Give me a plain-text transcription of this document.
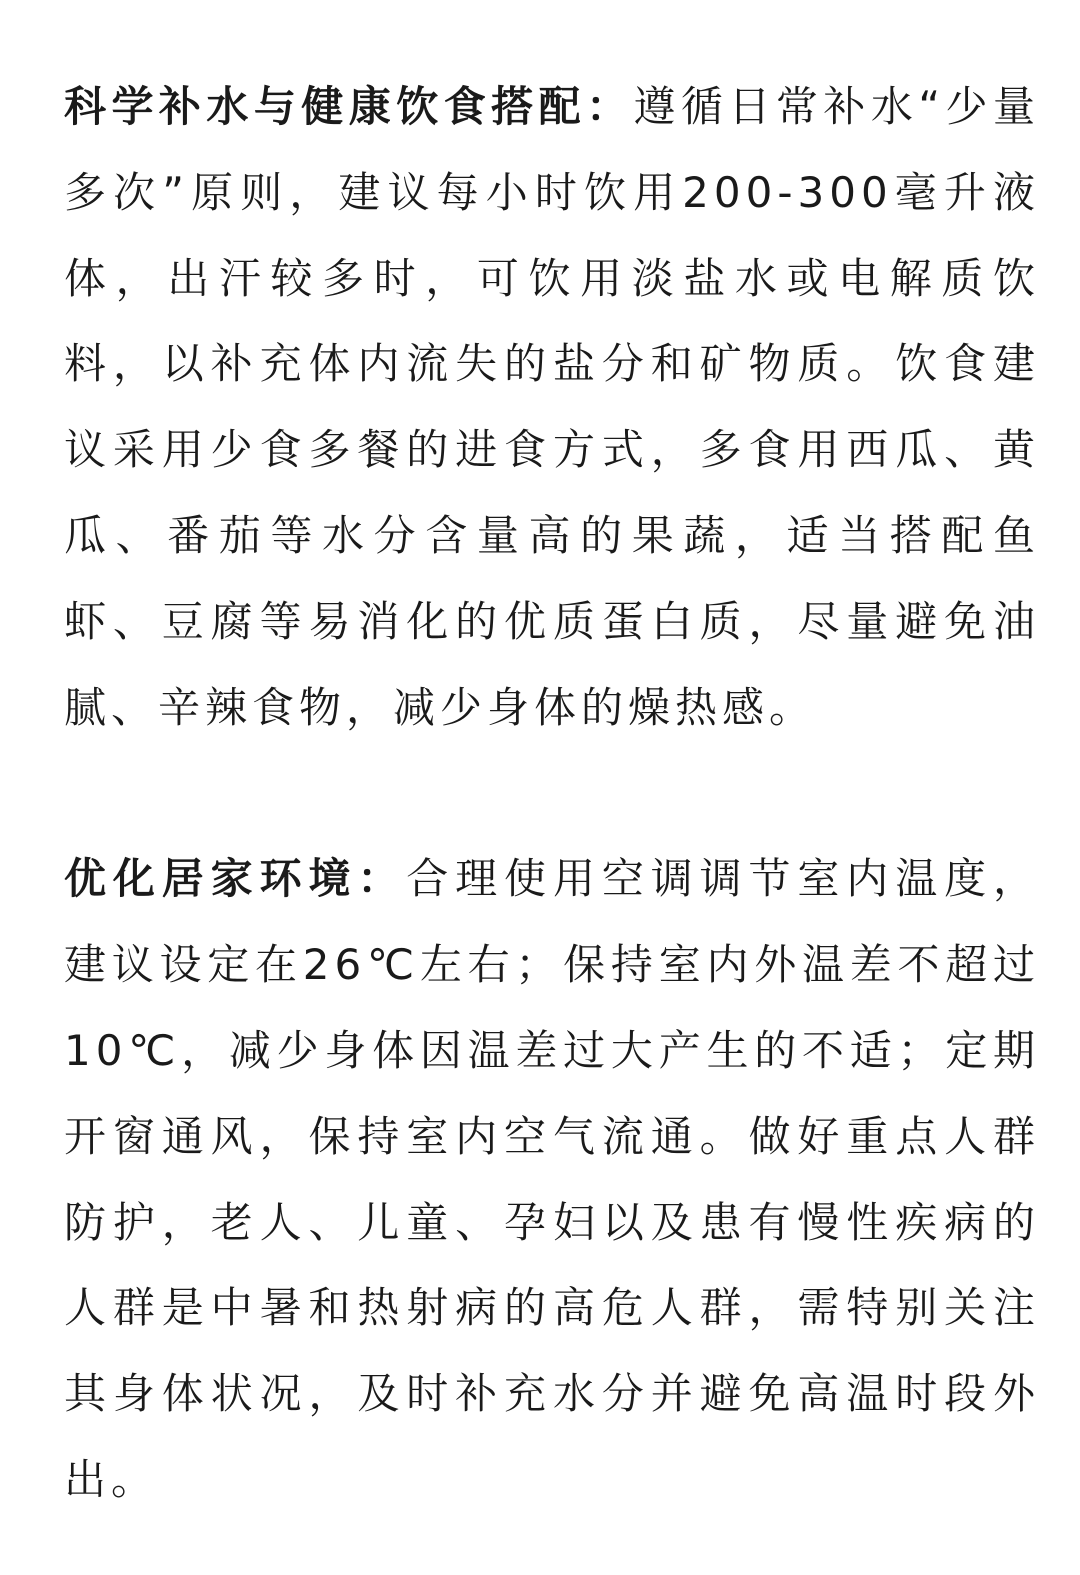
科学补水与健康饮食搭配：遵循日常补水“少量多次”原则，建议每小时饮用200-300毫升液体，出汗较多时，可饮用淡盐水或电解质饮料，以补充体内流失的盐分和矿物质。饮食建议采用少食多餐的进食方式，多食用西瓜、黄瓜、番茄等水分含量高的果蔬，适当搭配鱼虾、豆腐等易消化的优质蛋白质，尽量避免油腻、辛辣食物，减少身体的燥热感。

优化居家环境：合理使用空调调节室内温度，建议设定在26℃左右；保持室内外温差不超过10℃，减少身体因温差过大产生的不适；定期开窗通风，保持室内空气流通。做好重点人群防护，老人、儿童、孕妇以及患有慢性疾病的人群是中暑和热射病的高危人群，需特别关注其身体状况，及时补充水分并避免高温时段外出。
